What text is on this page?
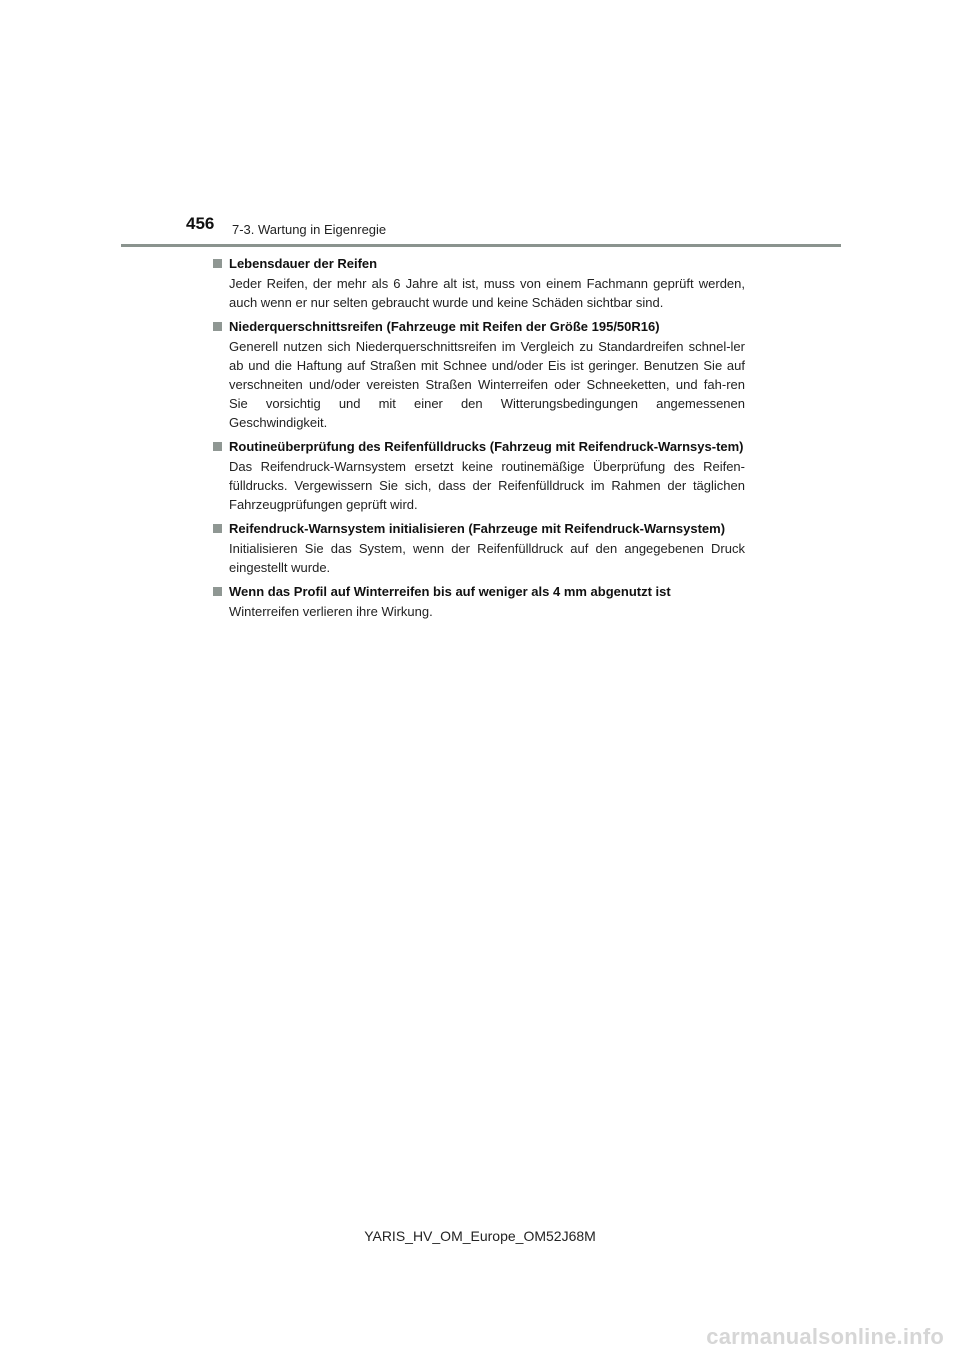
456 7-3. Wartung in Eigenregie
Lebensdauer der Reifen
Jeder Reifen, der mehr als 6 Jahre alt ist, muss von einem Fachmann geprüft werden, auch wenn er nur selten gebraucht wurde und keine Schäden sichtbar sind.
Niederquerschnittsreifen (Fahrzeuge mit Reifen der Größe 195/50R16)
Generell nutzen sich Niederquerschnittsreifen im Vergleich zu Standardreifen schnel-ler ab und die Haftung auf Straßen mit Schnee und/oder Eis ist geringer. Benutzen Sie auf verschneiten und/oder vereisten Straßen Winterreifen oder Schneeketten, und fah-ren Sie vorsichtig und mit einer den Witterungsbedingungen angemessenen Geschwindigkeit.
Routineüberprüfung des Reifenfülldrucks (Fahrzeug mit Reifendruck-Warnsys-tem)
Das Reifendruck-Warnsystem ersetzt keine routinemäßige Überprüfung des Reifen-fülldrucks. Vergewissern Sie sich, dass der Reifenfülldruck im Rahmen der täglichen Fahrzeugprüfungen geprüft wird.
Reifendruck-Warnsystem initialisieren (Fahrzeuge mit Reifendruck-Warnsystem)
Initialisieren Sie das System, wenn der Reifenfülldruck auf den angegebenen Druck eingestellt wurde.
Wenn das Profil auf Winterreifen bis auf weniger als 4 mm abgenutzt ist
Winterreifen verlieren ihre Wirkung.
YARIS_HV_OM_Europe_OM52J68M
carmanualsonline.info
